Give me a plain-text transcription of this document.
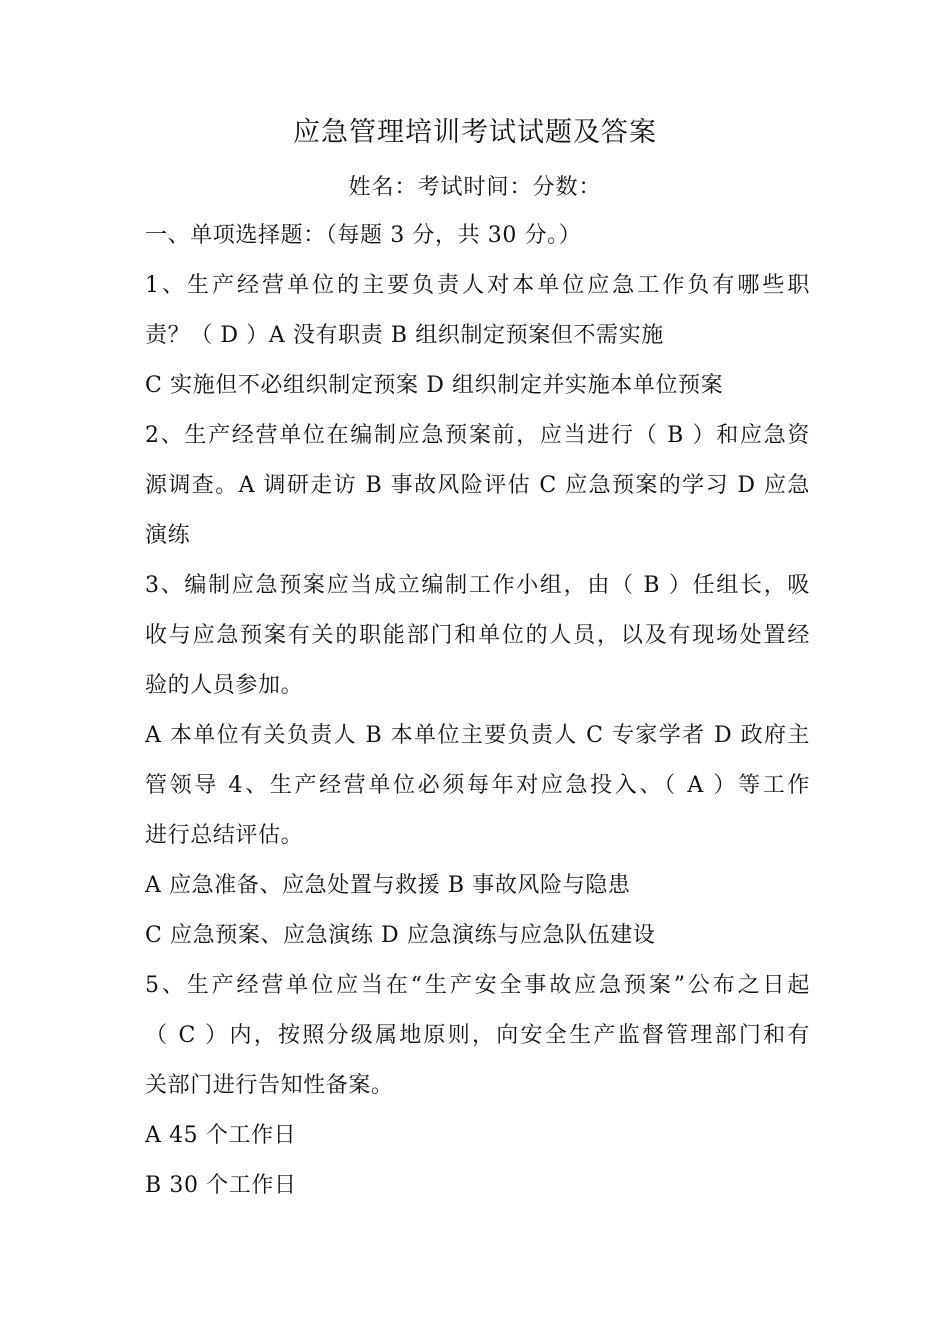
应急管理培训考试试题及答案
姓名：考试时间：分数：
一、单项选择题：（每题 3 分，共 30 分。）
1、生产经营单位的主要负责人对本单位应急工作负有哪些职
责？（ D ）A 没有职责 B 组织制定预案但不需实施
C 实施但不必组织制定预案 D 组织制定并实施本单位预案
2、生产经营单位在编制应急预案前，应当进行（ B ）和应急资
源调查。A 调研走访 B 事故风险评估 C 应急预案的学习 D 应急
演练
3、编制应急预案应当成立编制工作小组，由（ B ）任组长，吸
收与应急预案有关的职能部门和单位的人员，以及有现场处置经
验的人员参加。
A 本单位有关负责人 B 本单位主要负责人 C 专家学者 D 政府主
管领导 4、生产经营单位必须每年对应急投入、（ A ）等工作
进行总结评估。
A 应急准备、应急处置与救援 B 事故风险与隐患
C 应急预案、应急演练 D 应急演练与应急队伍建设
5、生产经营单位应当在“生产安全事故应急预案”公布之日起
（ C ）内，按照分级属地原则，向安全生产监督管理部门和有
关部门进行告知性备案。
A 45 个工作日
B 30 个工作日
